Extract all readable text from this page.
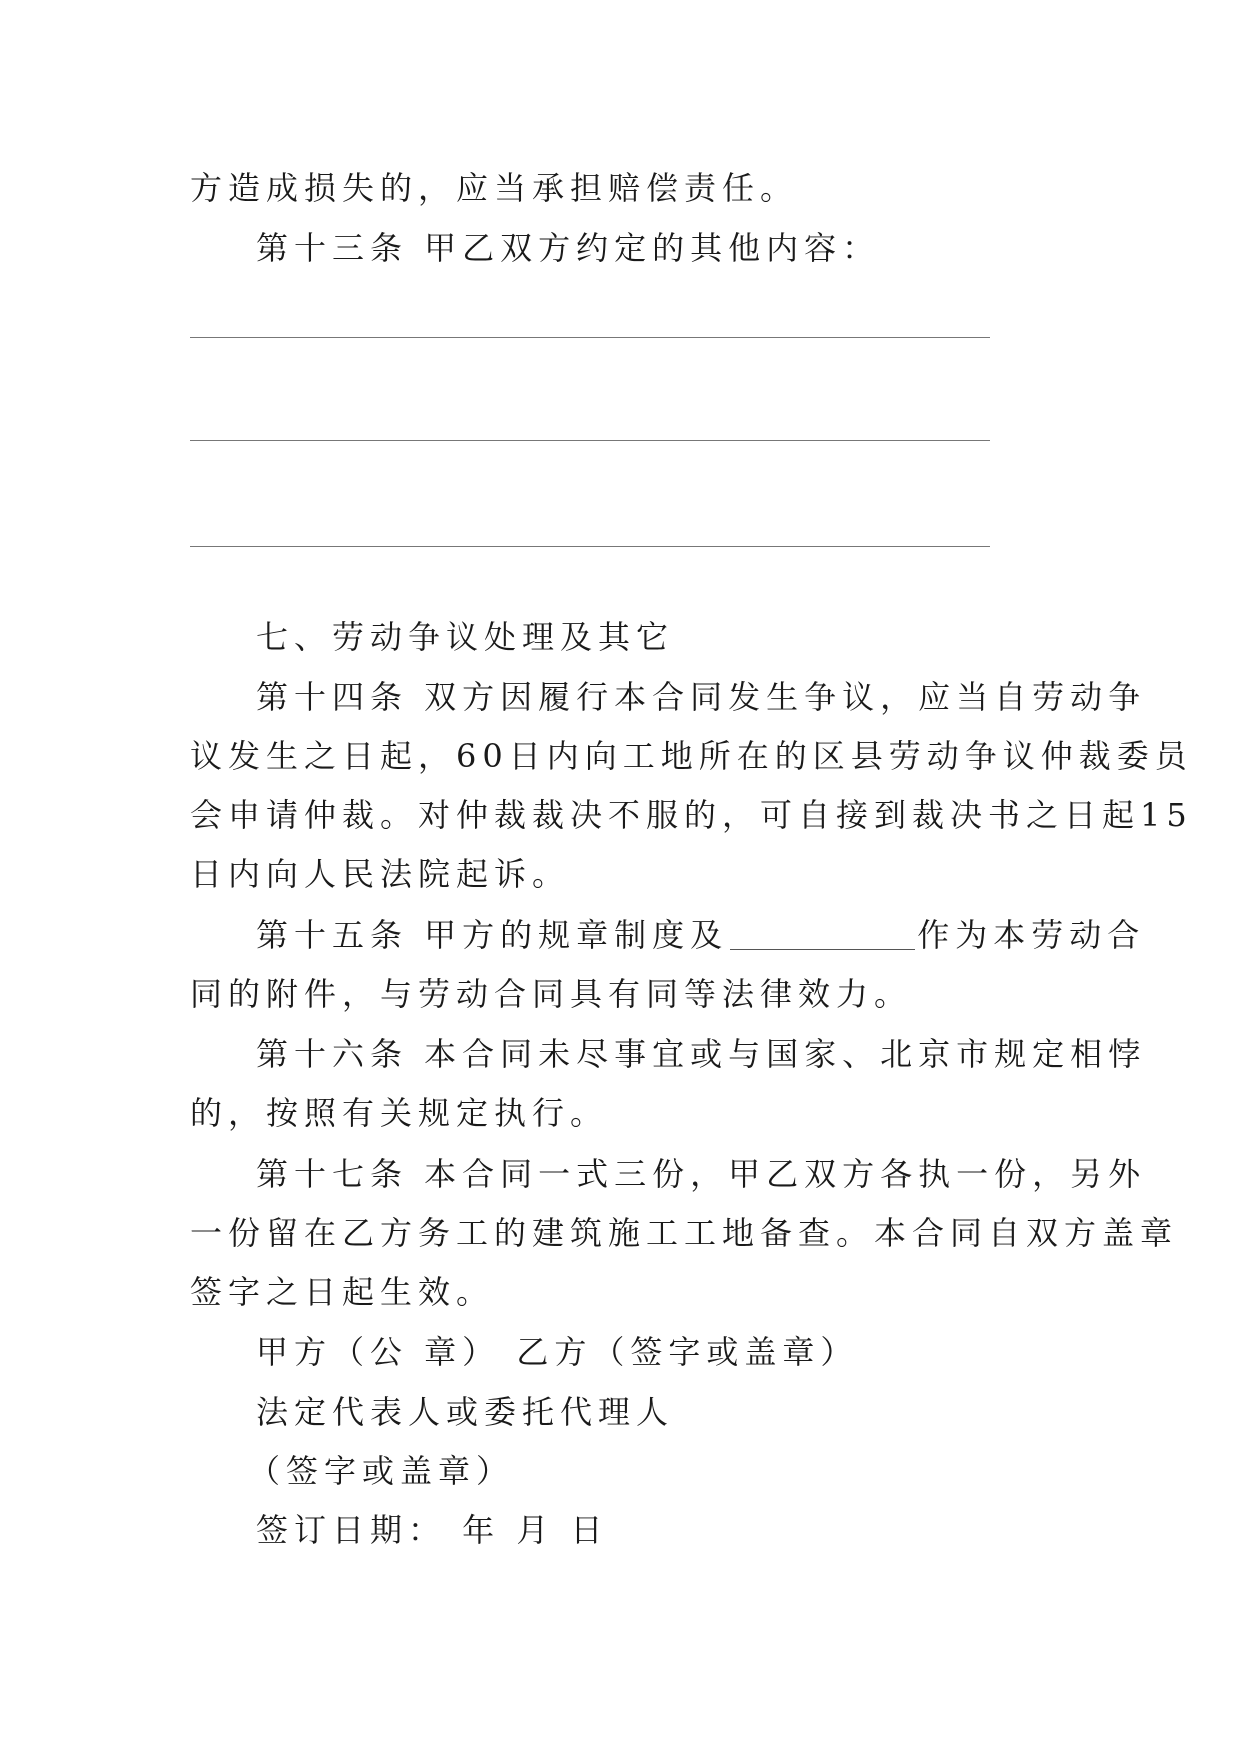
方造成损失的，应当承担赔偿责任。
第十三条 甲乙双方约定的其他内容：
七、劳动争议处理及其它
第十四条 双方因履行本合同发生争议，应当自劳动争
议发生之日起，60日内向工地所在的区县劳动争议仲裁委员
会申请仲裁。对仲裁裁决不服的，可自接到裁决书之日起15
日内向人民法院起诉。
第十五条 甲方的规章制度及	作为本劳动合
同的附件，与劳动合同具有同等法律效力。
第十六条 本合同未尽事宜或与国家、北京市规定相悖
的，按照有关规定执行。
第十七条 本合同一式三份，甲乙双方各执一份，另外
一份留在乙方务工的建筑施工工地备查。本合同自双方盖章
签字之日起生效。
甲方（公 章） 乙方（签字或盖章）
法定代表人或委托代理人
（签字或盖章）
签订日期： 年 月 日
